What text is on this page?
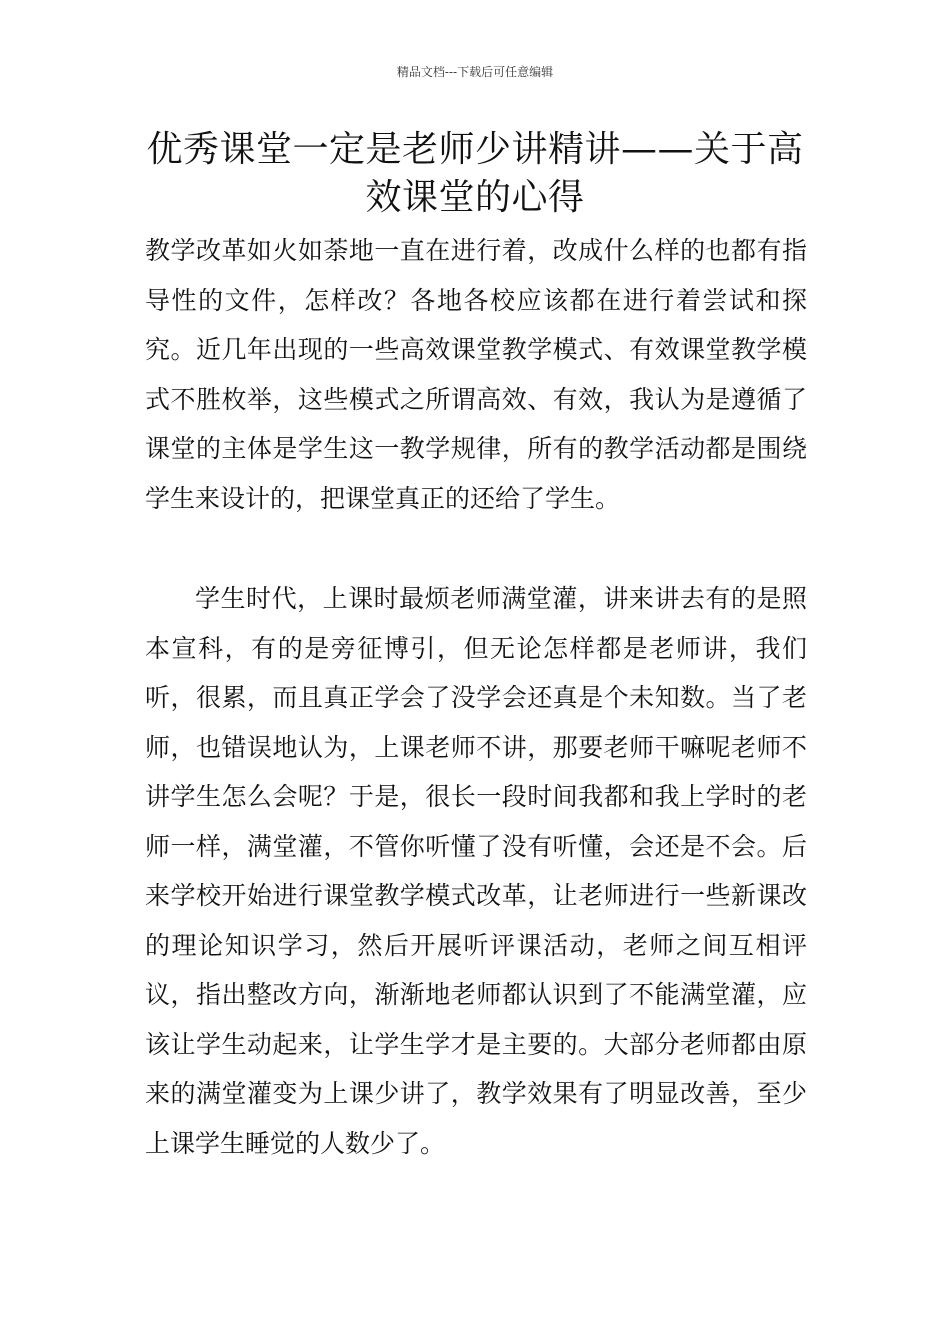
精品文档---下载后可任意编辑
优秀课堂一定是老师少讲精讲——关于高效课堂的心得

教学改革如火如荼地一直在进行着，改成什么样的也都有指导性的文件，怎样改？各地各校应该都在进行着尝试和探究。近几年出现的一些高效课堂教学模式、有效课堂教学模式不胜枚举，这些模式之所谓高效、有效，我认为是遵循了课堂的主体是学生这一教学规律，所有的教学活动都是围绕学生来设计的，把课堂真正的还给了学生。

学生时代，上课时最烦老师满堂灌，讲来讲去有的是照本宣科，有的是旁征博引，但无论怎样都是老师讲，我们听，很累，而且真正学会了没学会还真是个未知数。当了老师，也错误地认为，上课老师不讲，那要老师干嘛呢老师不讲学生怎么会呢？于是，很长一段时间我都和我上学时的老师一样，满堂灌，不管你听懂了没有听懂，会还是不会。后来学校开始进行课堂教学模式改革，让老师进行一些新课改的理论知识学习，然后开展听评课活动，老师之间互相评议，指出整改方向，渐渐地老师都认识到了不能满堂灌，应该让学生动起来，让学生学才是主要的。大部分老师都由原来的满堂灌变为上课少讲了，教学效果有了明显改善，至少上课学生睡觉的人数少了。
